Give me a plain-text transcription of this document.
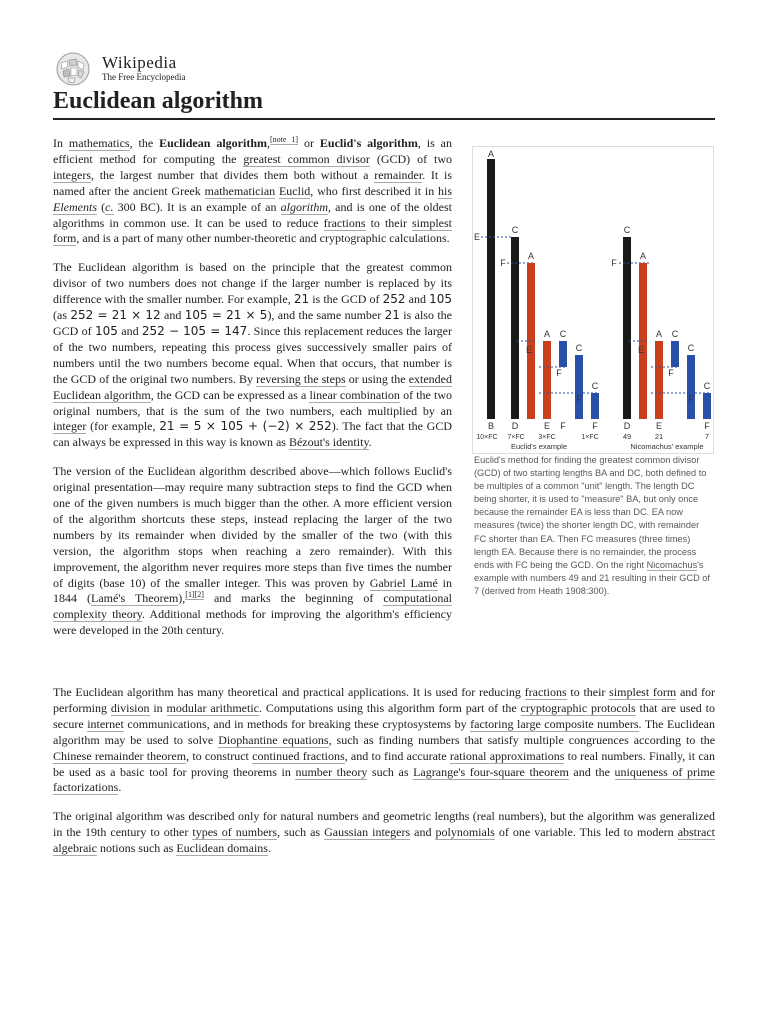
Wikipedia
The Free Encyclopedia
Euclidean algorithm

In mathematics, the Euclidean algorithm,[note 1] or Euclid's algorithm, is an efficient method for computing the greatest common divisor (GCD) of two integers, the largest number that divides them both without a remainder. It is named after the ancient Greek mathematician Euclid, who first described it in his Elements (c. 300 BC). It is an example of an algorithm, and is one of the oldest algorithms in common use. It can be used to reduce fractions to their simplest form, and is a part of many other number-theoretic and cryptographic calculations.

The Euclidean algorithm is based on the principle that the greatest common divisor of two numbers does not change if the larger number is replaced by its difference with the smaller number. For example, 21 is the GCD of 252 and 105 (as 252 = 21 × 12 and 105 = 21 × 5), and the same number 21 is also the GCD of 105 and 252 − 105 = 147. Since this replacement reduces the larger of the two numbers, repeating this process gives successively smaller pairs of numbers until the two numbers become equal. When that occurs, that number is the GCD of the original two numbers. By reversing the steps or using the extended Euclidean algorithm, the GCD can be expressed as a linear combination of the two original numbers, that is the sum of the two numbers, each multiplied by an integer (for example, 21 = 5 × 105 + (−2) × 252). The fact that the GCD can always be expressed in this way is known as Bézout's identity.

The version of the Euclidean algorithm described above—which follows Euclid's original presentation—may require many subtraction steps to find the GCD when one of the given numbers is much bigger than the other. A more efficient version of the algorithm shortcuts these steps, instead replacing the larger of the two numbers by its remainder when divided by the smaller of the two (with this version, the algorithm stops when reaching a zero remainder). With this improvement, the algorithm never requires more steps than five times the number of digits (base 10) of the smaller integer. This was proven by Gabriel Lamé in 1844 (Lamé's Theorem),[1][2] and marks the beginning of computational complexity theory. Additional methods for improving the algorithm's efficiency were developed in the 20th century.

A
C
E
F
A
E
A C
F
C
C
F
B D	E F	F
10×FC 7×FC 3×FC	1×FC
Euclid's example
C
F
A
E
A C
F
C
C
F
D	E	F
49	21	7
Nicomachus' example

Euclid's method for finding the greatest common divisor (GCD) of two starting lengths BA and DC, both defined to be multiples of a common "unit" length. The length DC being shorter, it is used to "measure" BA, but only once because the remainder EA is less than DC. EA now measures (twice) the shorter length DC, with remainder FC shorter than EA. Then FC measures (three times) length EA. Because there is no remainder, the process ends with FC being the GCD. On the right Nicomachus's example with numbers 49 and 21 resulting in their GCD of 7 (derived from Heath 1908:300).

The Euclidean algorithm has many theoretical and practical applications. It is used for reducing fractions to their simplest form and for performing division in modular arithmetic. Computations using this algorithm form part of the cryptographic protocols that are used to secure internet communications, and in methods for breaking these cryptosystems by factoring large composite numbers. The Euclidean algorithm may be used to solve Diophantine equations, such as finding numbers that satisfy multiple congruences according to the Chinese remainder theorem, to construct continued fractions, and to find accurate rational approximations to real numbers. Finally, it can be used as a basic tool for proving theorems in number theory such as Lagrange's four-square theorem and the uniqueness of prime factorizations.

The original algorithm was described only for natural numbers and geometric lengths (real numbers), but the algorithm was generalized in the 19th century to other types of numbers, such as Gaussian integers and polynomials of one variable. This led to modern abstract algebraic notions such as Euclidean domains.
